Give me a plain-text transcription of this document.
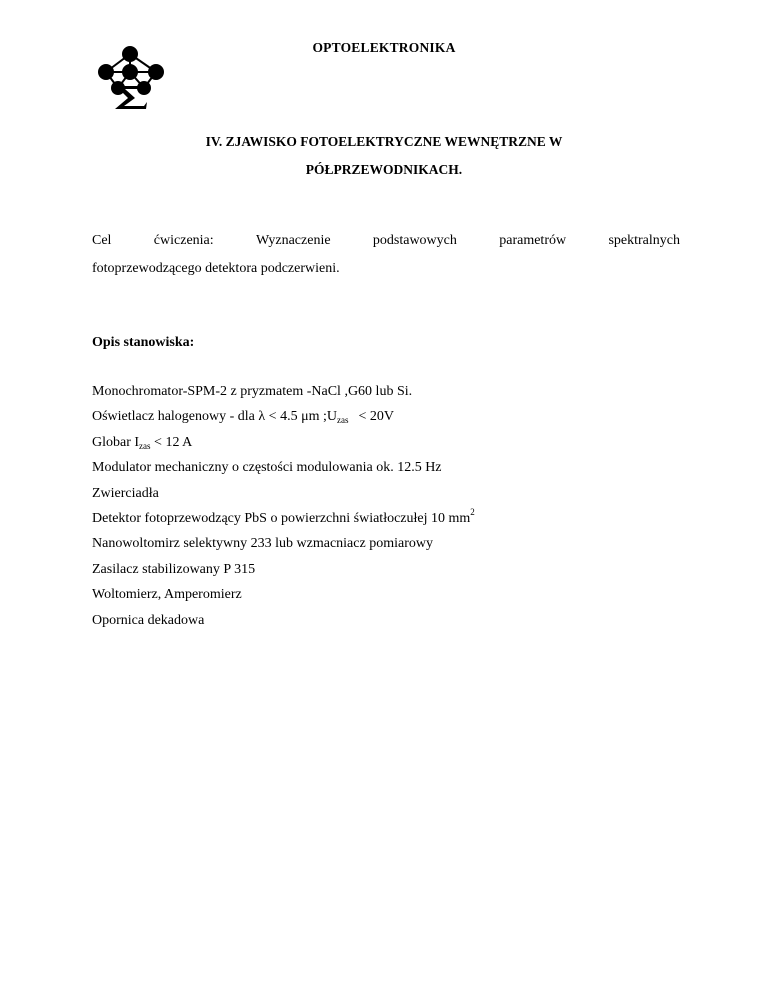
OPTOELEKTRONIKA
IV. ZJAWISKO FOTOELEKTRYCZNE WEWNĘTRZNE W
PÓŁPRZEWODNIKACH.
Cel	ćwiczenia:	Wyznaczenie	podstawowych	parametrów	spektralnych
fotoprzewodzącego detektora podczerwieni.
Opis stanowiska:
Monochromator-SPM-2 z pryzmatem -NaCl ,G60 lub Si.
Oświetlacz halogenowy - dla λ < 4.5 μm $;U_{zas} < 20V$
Globar $I_{zas} < 12$ A
Modulator mechaniczny o częstości modulowania ok. 12.5 Hz
Zwierciadła
Detektor fotoprzewodzący PbS o powierzchni światłoczułej 10 $mm^2$
Nanowoltomirz selektywny 233 lub wzmacniacz pomiarowy
Zasilacz stabilizowany P 315
Woltomierz, Amperomierz
Opornica dekadowa
